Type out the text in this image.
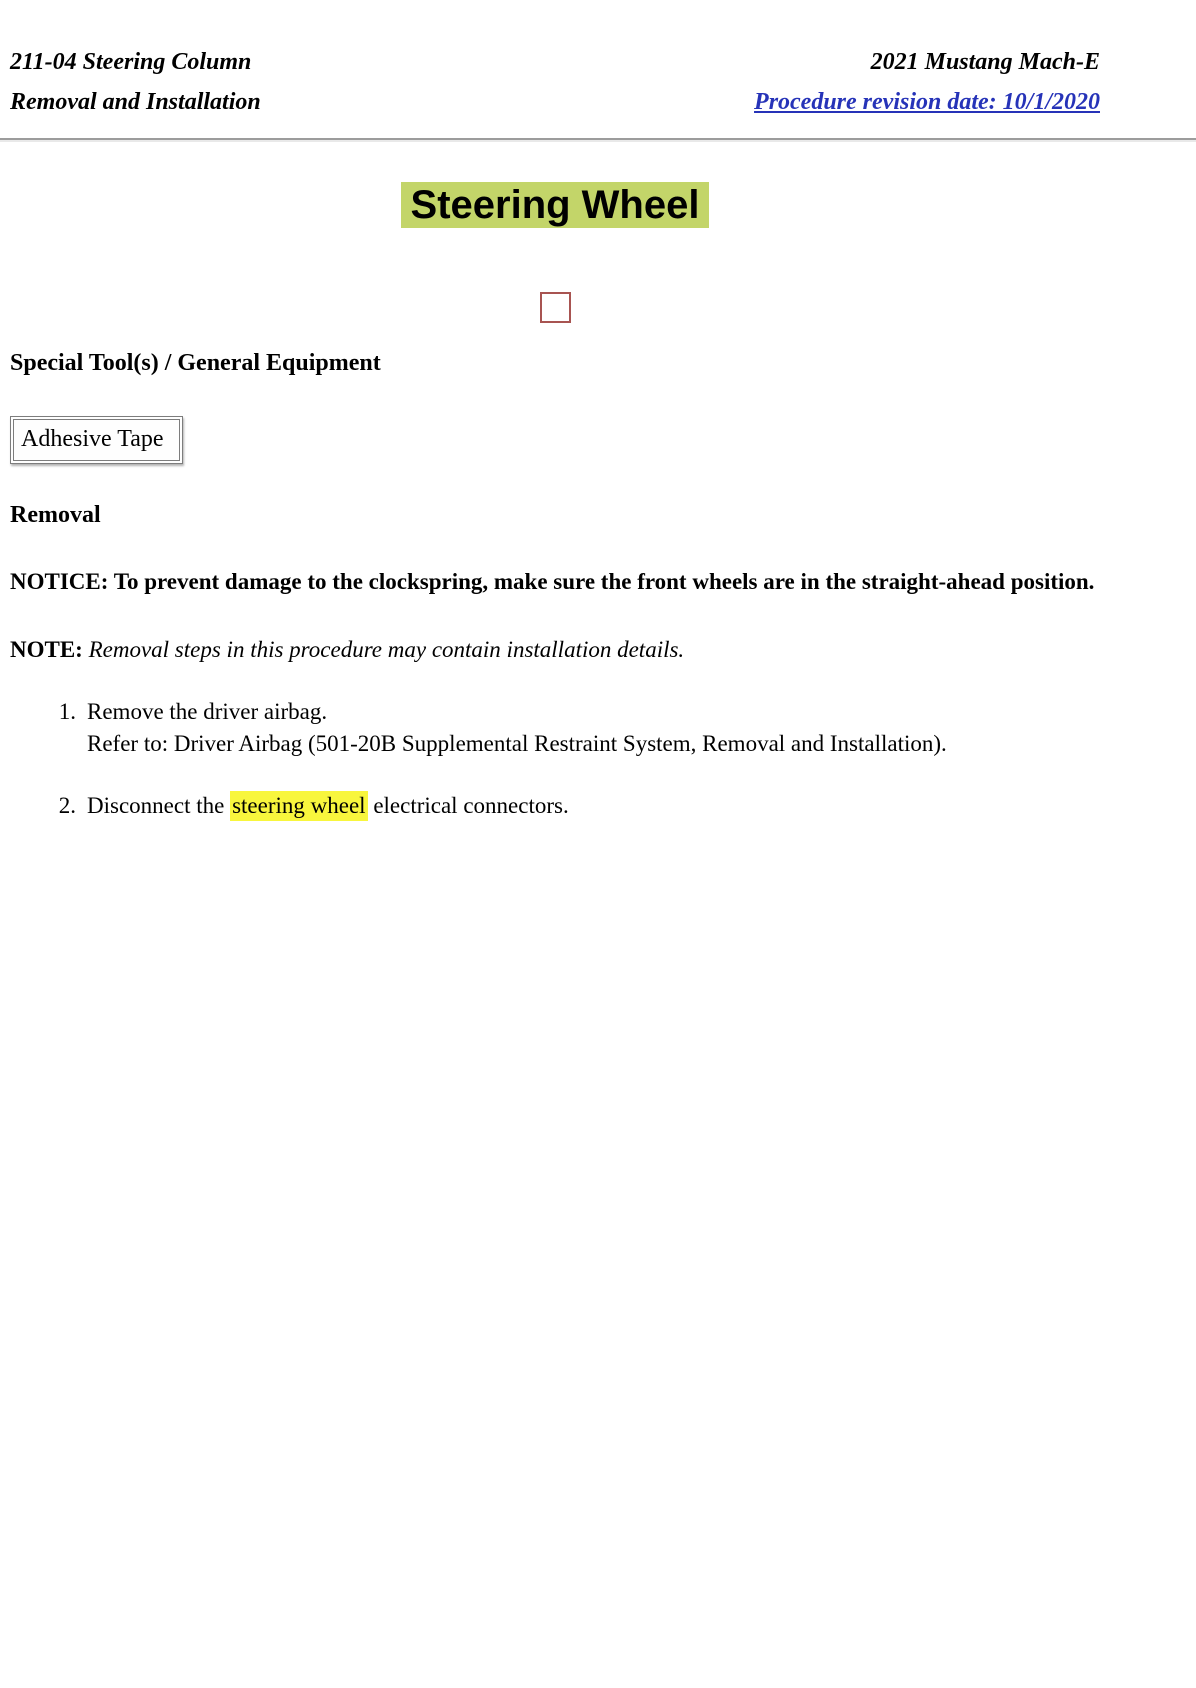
211-04 Steering Column
Removal and Installation
2021 Mustang Mach-E
Procedure revision date: 10/1/2020
Steering Wheel
Special Tool(s) / General Equipment
Adhesive Tape
Removal

NOTICE: To prevent damage to the clockspring, make sure the front wheels are in the straight-ahead position.

NOTE: Removal steps in this procedure may contain installation details.

1. Remove the driver airbag.
Refer to: Driver Airbag (501-20B Supplemental Restraint System, Removal and Installation).
2. Disconnect the steering wheel electrical connectors.
